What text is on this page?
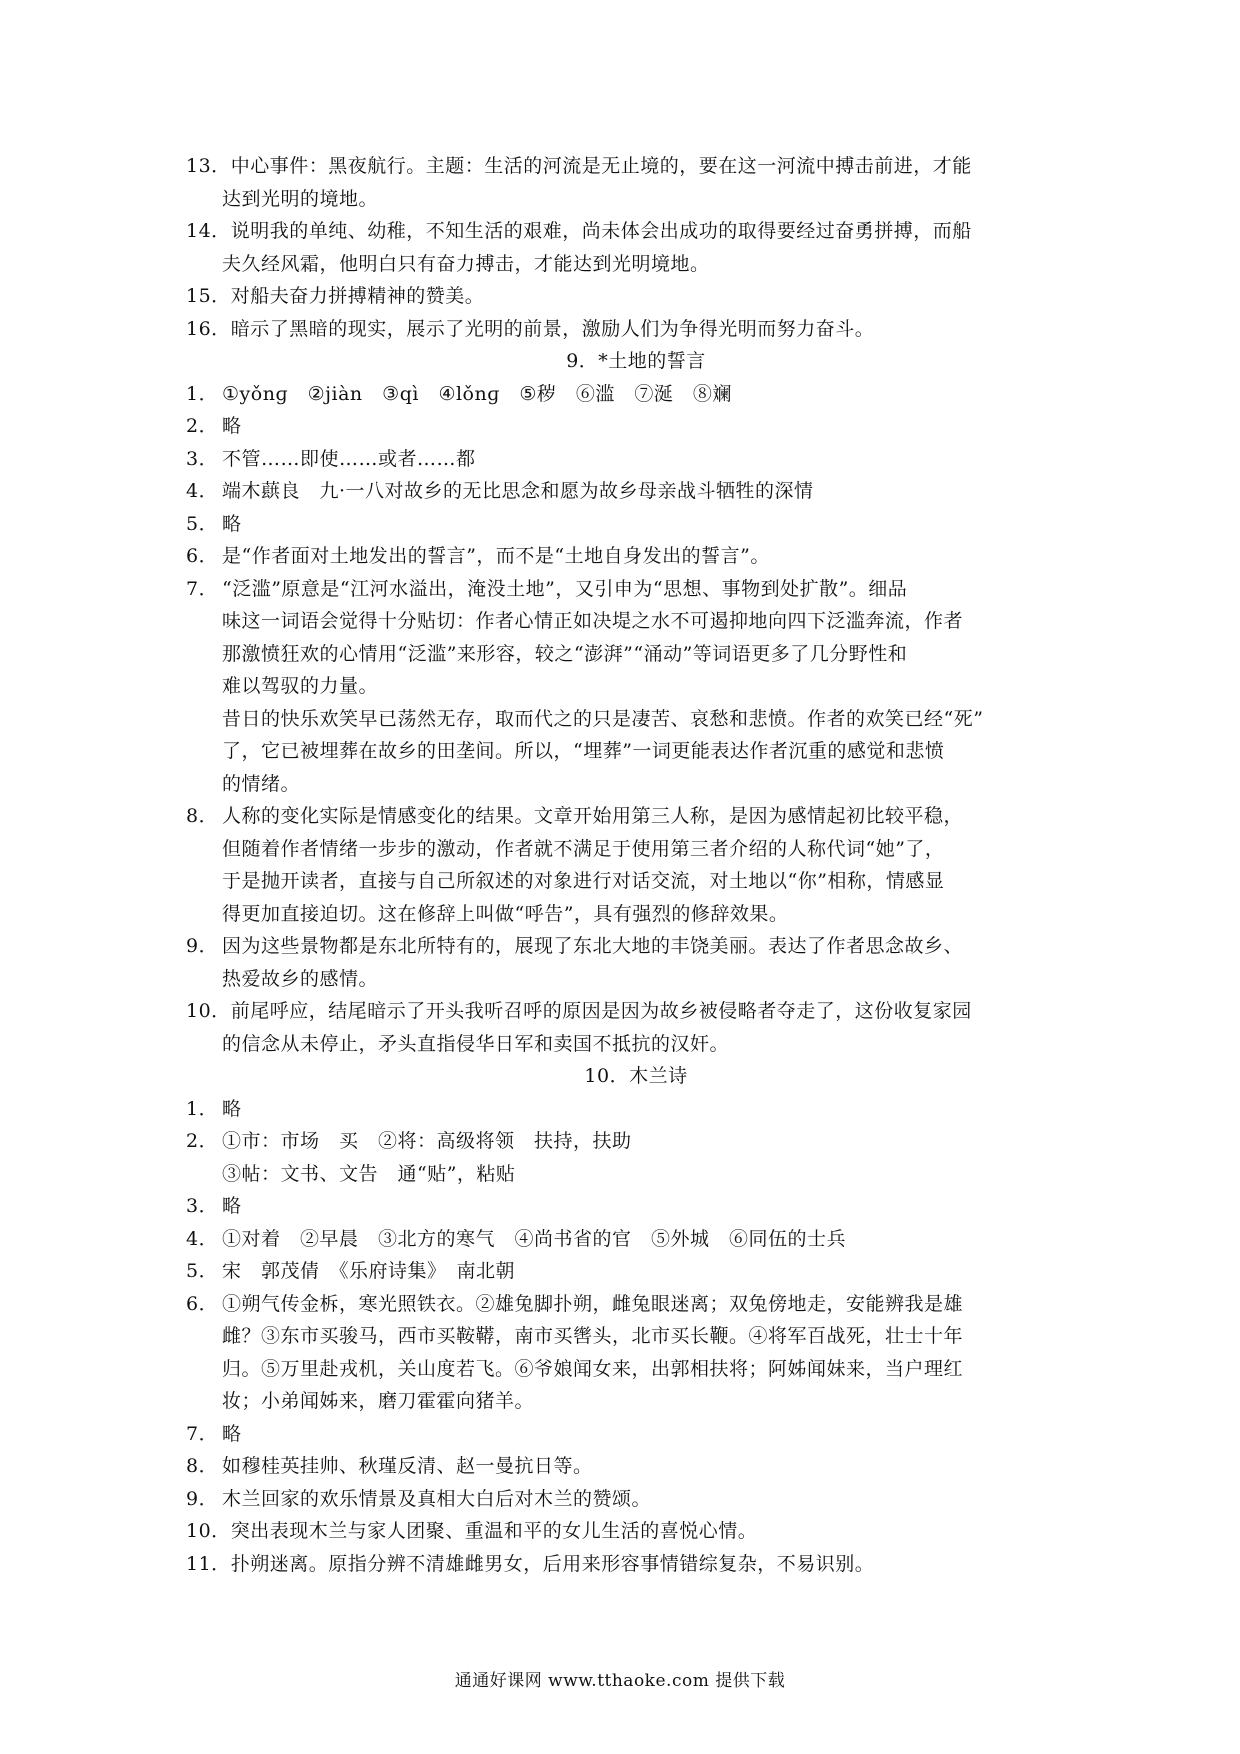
13． 中心事件：黑夜航行。主题：生活的河流是无止境的，要在这一河流中搏击前进，才能
达到光明的境地。
14． 说明我的单纯、幼稚，不知生活的艰难，尚未体会出成功的取得要经过奋勇拼搏，而船
夫久经风霜，他明白只有奋力搏击，才能达到光明境地。
15． 对船夫奋力拼搏精神的赞美。
16． 暗示了黑暗的现实，展示了光明的前景，激励人们为争得光明而努力奋斗。
9．*土地的誓言
1． ①yǒnɡ　②jiàn　③qì　④lǒnɡ　⑤秽　⑥滥　⑦涎　⑧斓
2． 略
3． 不管……即使……或者……都
4． 端木蕻良　九·一八对故乡的无比思念和愿为故乡母亲战斗牺牲的深情
5． 略
6． 是“作者面对土地发出的誓言”，而不是“土地自身发出的誓言”。
7． “泛滥”原意是“江河水溢出，淹没土地”，又引申为“思想、事物到处扩散”。细品
味这一词语会觉得十分贴切：作者心情正如决堤之水不可遏抑地向四下泛滥奔流，作者
那激愤狂欢的心情用“泛滥”来形容，较之“澎湃”“涌动”等词语更多了几分野性和
难以驾驭的力量。
昔日的快乐欢笑早已荡然无存，取而代之的只是凄苦、哀愁和悲愤。作者的欢笑已经“死”
了，它已被埋葬在故乡的田垄间。所以，“埋葬”一词更能表达作者沉重的感觉和悲愤
的情绪。
8． 人称的变化实际是情感变化的结果。文章开始用第三人称，是因为感情起初比较平稳，
但随着作者情绪一步步的激动，作者就不满足于使用第三者介绍的人称代词“她”了，
于是抛开读者，直接与自己所叙述的对象进行对话交流，对土地以“你”相称，情感显
得更加直接迫切。这在修辞上叫做“呼告”，具有强烈的修辞效果。
9． 因为这些景物都是东北所特有的，展现了东北大地的丰饶美丽。表达了作者思念故乡、
热爱故乡的感情。
10． 前尾呼应，结尾暗示了开头我听召呼的原因是因为故乡被侵略者夺走了，这份收复家园
的信念从未停止，矛头直指侵华日军和卖国不抵抗的汉奸。
10．木兰诗
1． 略
2． ①市：市场　买　②将：高级将领　扶持，扶助
③帖：文书、文告　通“贴”，粘贴
3． 略
4． ①对着　②早晨　③北方的寒气　④尚书省的官　⑤外城　⑥同伍的士兵
5． 宋　郭茂倩　《乐府诗集》　南北朝
6． ①朔气传金柝，寒光照铁衣。②雄兔脚扑朔，雌兔眼迷离；双兔傍地走，安能辨我是雄
雌？③东市买骏马，西市买鞍鞯，南市买辔头，北市买长鞭。④将军百战死，壮士十年
归。⑤万里赴戎机，关山度若飞。⑥爷娘闻女来，出郭相扶将；阿姊闻妹来，当户理红
妆；小弟闻姊来，磨刀霍霍向猪羊。
7． 略
8． 如穆桂英挂帅、秋瑾反清、赵一曼抗日等。
9． 木兰回家的欢乐情景及真相大白后对木兰的赞颂。
10． 突出表现木兰与家人团聚、重温和平的女儿生活的喜悦心情。
11． 扑朔迷离。原指分辨不清雄雌男女，后用来形容事情错综复杂，不易识别。
通通好课网 www.tthaoke.com 提供下载
